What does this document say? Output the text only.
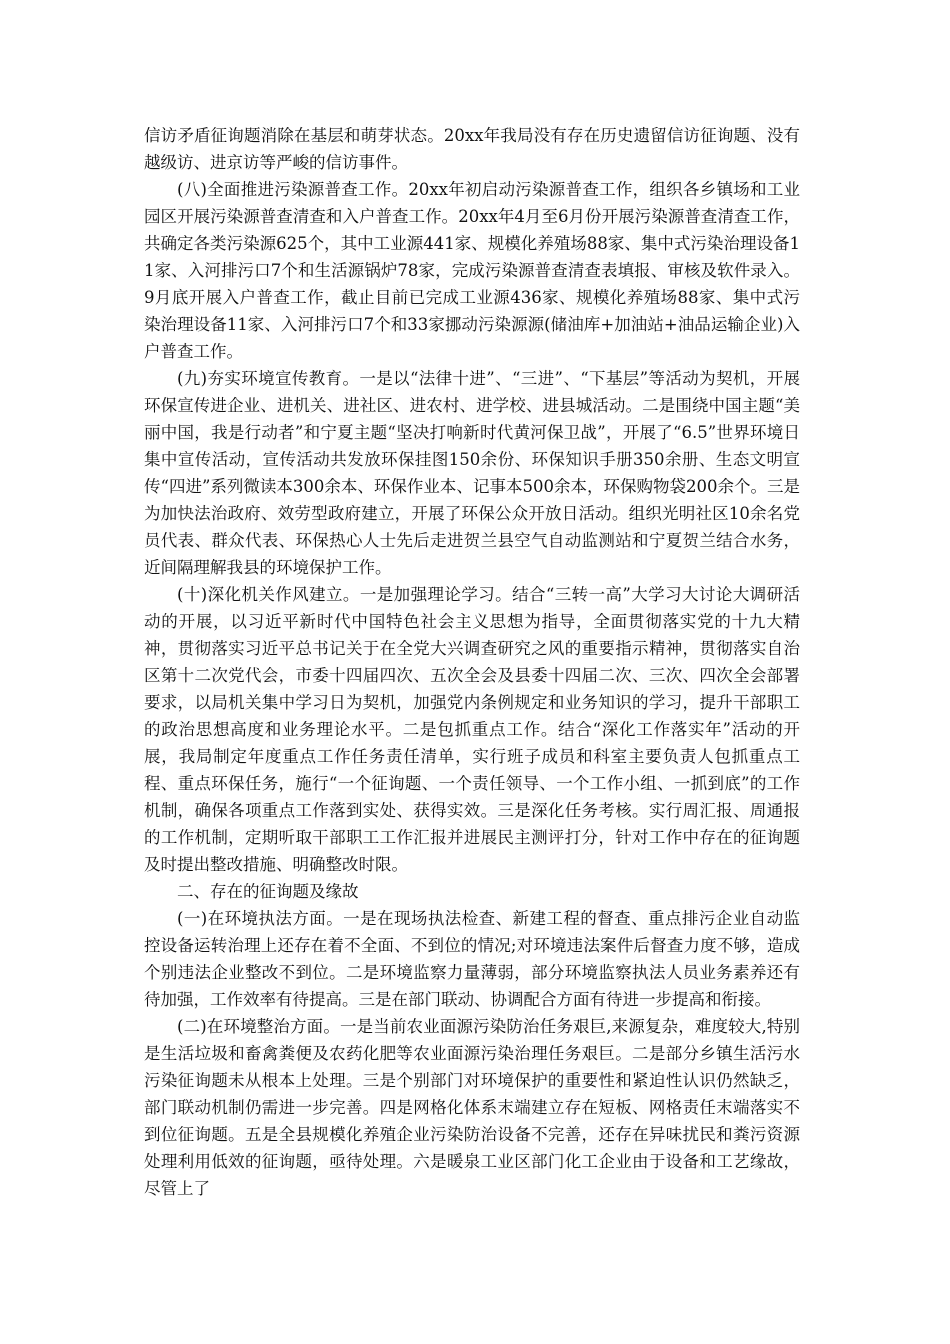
信访矛盾征询题消除在基层和萌芽状态。20xx年我局没有存在历史遗留信访征询题、没有越级访、进京访等严峻的信访事件。

(八)全面推进污染源普查工作。20xx年初启动污染源普查工作，组织各乡镇场和工业园区开展污染源普查清查和入户普查工作。20xx年4月至6月份开展污染源普查清查工作，共确定各类污染源625个，其中工业源441家、规模化养殖场88家、集中式污染治理设备11家、入河排污口7个和生活源锅炉78家，完成污染源普查清查表填报、审核及软件录入。9月底开展入户普查工作，截止目前已完成工业源436家、规模化养殖场88家、集中式污染治理设备11家、入河排污口7个和33家挪动污染源源(储油库+加油站+油品运输企业)入户普查工作。

(九)夯实环境宣传教育。一是以“法律十进”、“三进”、“下基层”等活动为契机，开展环保宣传进企业、进机关、进社区、进农村、进学校、进县城活动。二是围绕中国主题“美丽中国，我是行动者”和宁夏主题“坚决打响新时代黄河保卫战”，开展了“6.5”世界环境日集中宣传活动，宣传活动共发放环保挂图150余份、环保知识手册350余册、生态文明宣传“四进”系列微读本300余本、环保作业本、记事本500余本，环保购物袋200余个。三是为加快法治政府、效劳型政府建立，开展了环保公众开放日活动。组织光明社区10余名党员代表、群众代表、环保热心人士先后走进贺兰县空气自动监测站和宁夏贺兰结合水务，近间隔理解我县的环境保护工作。

(十)深化机关作风建立。一是加强理论学习。结合“三转一高”大学习大讨论大调研活动的开展，以习近平新时代中国特色社会主义思想为指导，全面贯彻落实党的十九大精神，贯彻落实习近平总书记关于在全党大兴调查研究之风的重要指示精神，贯彻落实自治区第十二次党代会，市委十四届四次、五次全会及县委十四届二次、三次、四次全会部署要求，以局机关集中学习日为契机，加强党内条例规定和业务知识的学习，提升干部职工的政治思想高度和业务理论水平。二是包抓重点工作。结合“深化工作落实年”活动的开展，我局制定年度重点工作任务责任清单，实行班子成员和科室主要负责人包抓重点工程、重点环保任务，施行“一个征询题、一个责任领导、一个工作小组、一抓到底”的工作机制，确保各项重点工作落到实处、获得实效。三是深化任务考核。实行周汇报、周通报的工作机制，定期听取干部职工工作汇报并进展民主测评打分，针对工作中存在的征询题及时提出整改措施、明确整改时限。

二、存在的征询题及缘故

(一)在环境执法方面。一是在现场执法检查、新建工程的督查、重点排污企业自动监控设备运转治理上还存在着不全面、不到位的情况;对环境违法案件后督查力度不够，造成个别违法企业整改不到位。二是环境监察力量薄弱，部分环境监察执法人员业务素养还有待加强，工作效率有待提高。三是在部门联动、协调配合方面有待进一步提高和衔接。

(二)在环境整治方面。一是当前农业面源污染防治任务艰巨,来源复杂，难度较大,特别是生活垃圾和畜禽粪便及农药化肥等农业面源污染治理任务艰巨。二是部分乡镇生活污水污染征询题未从根本上处理。三是个别部门对环境保护的重要性和紧迫性认识仍然缺乏，部门联动机制仍需进一步完善。四是网格化体系末端建立存在短板、网格责任末端落实不到位征询题。五是全县规模化养殖企业污染防治设备不完善，还存在异味扰民和粪污资源处理利用低效的征询题，亟待处理。六是暖泉工业区部门化工企业由于设备和工艺缘故，尽管上了
